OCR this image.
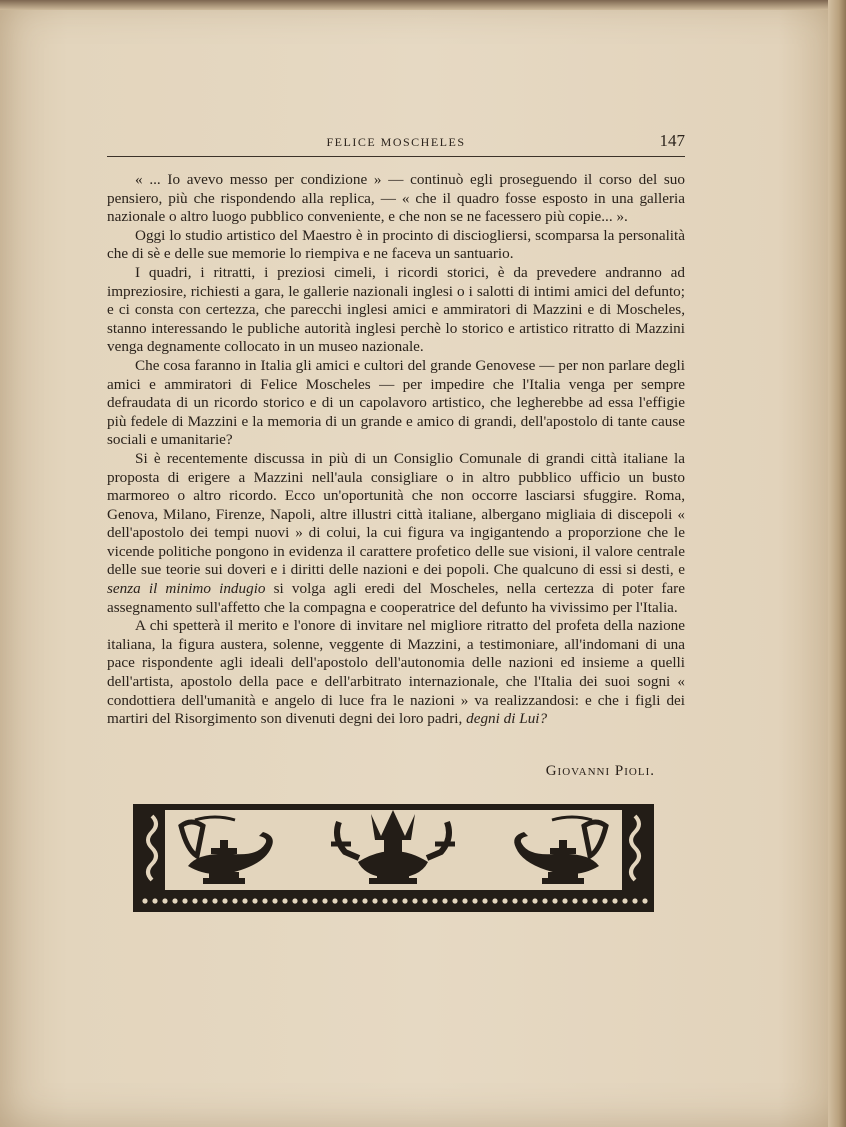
FELICE MOSCHELES	147

« ... Io avevo messo per condizione » — continuò egli proseguendo il corso del suo pensiero, più che rispondendo alla replica, — « che il quadro fosse esposto in una galleria nazionale o altro luogo pubblico conveniente, e che non se ne facessero più copie... ».

Oggi lo studio artistico del Maestro è in procinto di disciogliersi, scomparsa la personalità che di sè e delle sue memorie lo riempiva e ne faceva un santuario.

I quadri, i ritratti, i preziosi cimeli, i ricordi storici, è da prevedere andranno ad impreziosire, richiesti a gara, le gallerie nazionali inglesi o i salotti di intimi amici del defunto; e ci consta con certezza, che parecchi inglesi amici e ammiratori di Mazzini e di Moscheles, stanno interessando le publiche autorità inglesi perchè lo storico e artistico ritratto di Mazzini venga degnamente collocato in un museo nazionale.

Che cosa faranno in Italia gli amici e cultori del grande Genovese — per non parlare degli amici e ammiratori di Felice Moscheles — per impedire che l'Italia venga per sempre defraudata di un ricordo storico e di un capolavoro artistico, che legherebbe ad essa l'effigie più fedele di Mazzini e la memoria di un grande e amico di grandi, dell'apostolo di tante cause sociali e umanitarie?

Si è recentemente discussa in più di un Consiglio Comunale di grandi città italiane la proposta di erigere a Mazzini nell'aula consigliare o in altro pubblico ufficio un busto marmoreo o altro ricordo. Ecco un'oportunità che non occorre lasciarsi sfuggire. Roma, Genova, Milano, Firenze, Napoli, altre illustri città italiane, albergano migliaia di discepoli « dell'apostolo dei tempi nuovi » di colui, la cui figura va ingigantendo a proporzione che le vicende politiche pongono in evidenza il carattere profetico delle sue visioni, il valore centrale delle sue teorie sui doveri e i diritti delle nazioni e dei popoli. Che qualcuno di essi si desti, e senza il minimo indugio si volga agli eredi del Moscheles, nella certezza di poter fare assegnamento sull'affetto che la compagna e cooperatrice del defunto ha vivissimo per l'Italia.

A chi spetterà il merito e l'onore di invitare nel migliore ritratto del profeta della nazione italiana, la figura austera, solenne, veggente di Mazzini, a testimoniare, all'indomani di una pace rispondente agli ideali dell'apostolo dell'autonomia delle nazioni ed insieme a quelli dell'artista, apostolo della pace e dell'arbitrato internazionale, che l'Italia dei suoi sogni « condottiera dell'umanità e angelo di luce fra le nazioni » va realizzandosi: e che i figli dei martiri del Risorgimento son divenuti degni dei loro padri, degni di Lui?

Giovanni Pioli.
